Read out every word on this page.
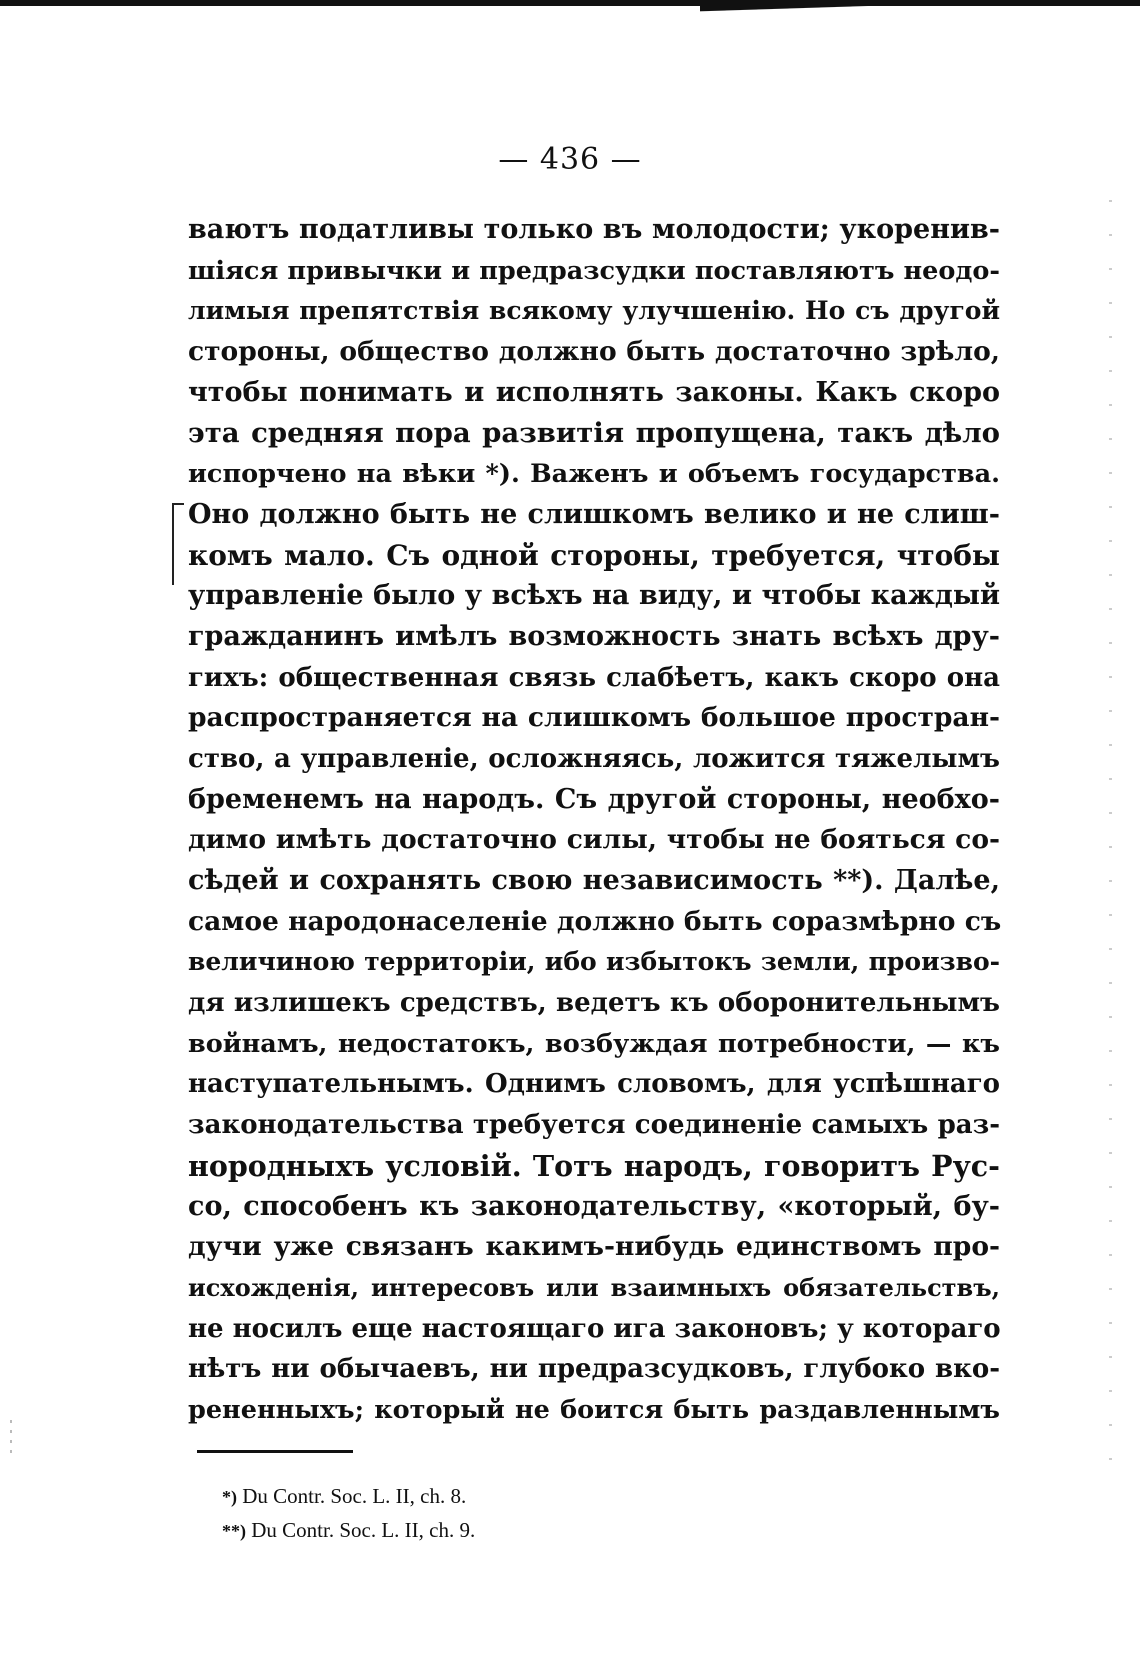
— 436 —
ваютъ податливы только въ молодости; укоренив-
шіяся привычки и предразсудки поставляютъ неодо-
лимыя препятствія всякому улучшенію. Но съ другой
стороны, общество должно быть достаточно зрѣло,
чтобы понимать и исполнять законы. Какъ скоро
эта средняя пора развитія пропущена, такъ дѣло
испорчено на вѣки *). Важенъ и объемъ государства.
Оно должно быть не слишкомъ велико и не слиш-
комъ мало. Съ одной стороны, требуется, чтобы
управленіе было у всѣхъ на виду, и чтобы каждый
гражданинъ имѣлъ возможность знать всѣхъ дру-
гихъ: общественная связь слабѣетъ, какъ скоро она
распространяется на слишкомъ большое простран-
ство, а управленіе, осложняясь, ложится тяжелымъ
бременемъ на народъ. Съ другой стороны, необхо-
димо имѣть достаточно силы, чтобы не бояться со-
сѣдей и сохранять свою независимость **). Далѣе,
самое народонаселеніе должно быть соразмѣрно съ
величиною территоріи, ибо избытокъ земли, произво-
дя излишекъ средствъ, ведетъ къ оборонительнымъ
войнамъ, недостатокъ, возбуждая потребности, — къ
наступательнымъ. Однимъ словомъ, для успѣшнаго
законодательства требуется соединеніе самыхъ раз-
нородныхъ условій. Тотъ народъ, говоритъ Рус-
со, способенъ къ законодательству, «который, бу-
дучи уже связанъ какимъ-нибудь единствомъ про-
исхожденія, интересовъ или взаимныхъ обязательствъ,
не носилъ еще настоящаго ига законовъ; у котораго
нѣтъ ни обычаевъ, ни предразсудковъ, глубоко вко-
рененныхъ; который не боится быть раздавленнымъ
*) Du Contr. Soc. L. II, ch. 8.
**) Du Contr. Soc. L. II, ch. 9.
